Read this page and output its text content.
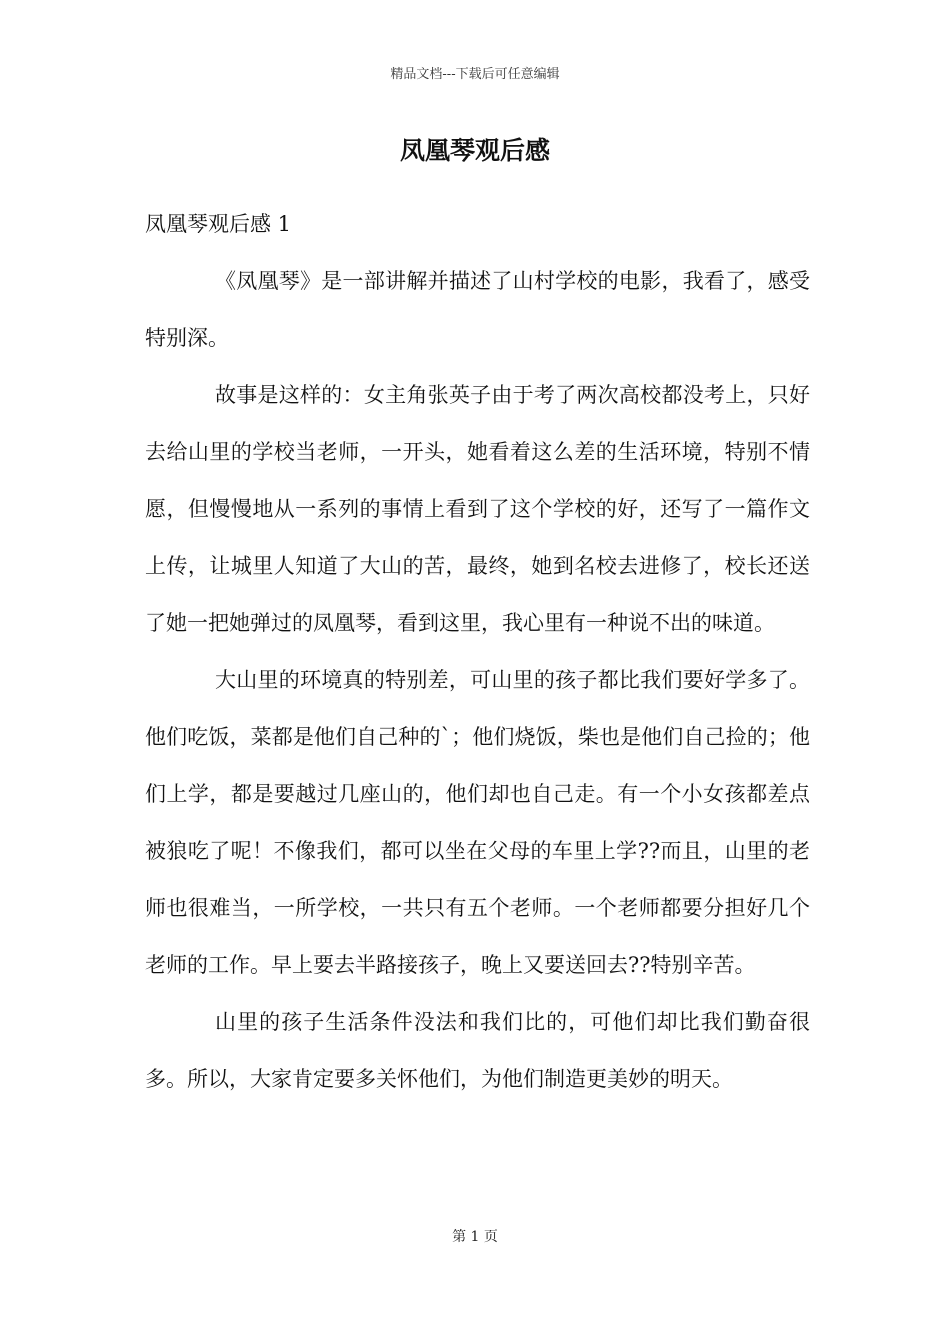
精品文档---下载后可任意编辑
凤凰琴观后感

凤凰琴观后感 1

《凤凰琴》是一部讲解并描述了山村学校的电影，我看了，感受特别深。

故事是这样的：女主角张英子由于考了两次高校都没考上，只好去给山里的学校当老师，一开头，她看着这么差的生活环境，特别不情愿，但慢慢地从一系列的事情上看到了这个学校的好，还写了一篇作文上传，让城里人知道了大山的苦，最终，她到名校去进修了，校长还送了她一把她弹过的凤凰琴，看到这里，我心里有一种说不出的味道。

大山里的环境真的特别差，可山里的孩子都比我们要好学多了。他们吃饭，菜都是他们自己种的`；他们烧饭，柴也是他们自己捡的；他们上学，都是要越过几座山的，他们却也自己走。有一个小女孩都差点被狼吃了呢！不像我们，都可以坐在父母的车里上学??而且，山里的老师也很难当，一所学校，一共只有五个老师。一个老师都要分担好几个老师的工作。早上要去半路接孩子，晚上又要送回去??特别辛苦。

山里的孩子生活条件没法和我们比的，可他们却比我们勤奋很多。所以，大家肯定要多关怀他们，为他们制造更美妙的明天。

第 1 页
